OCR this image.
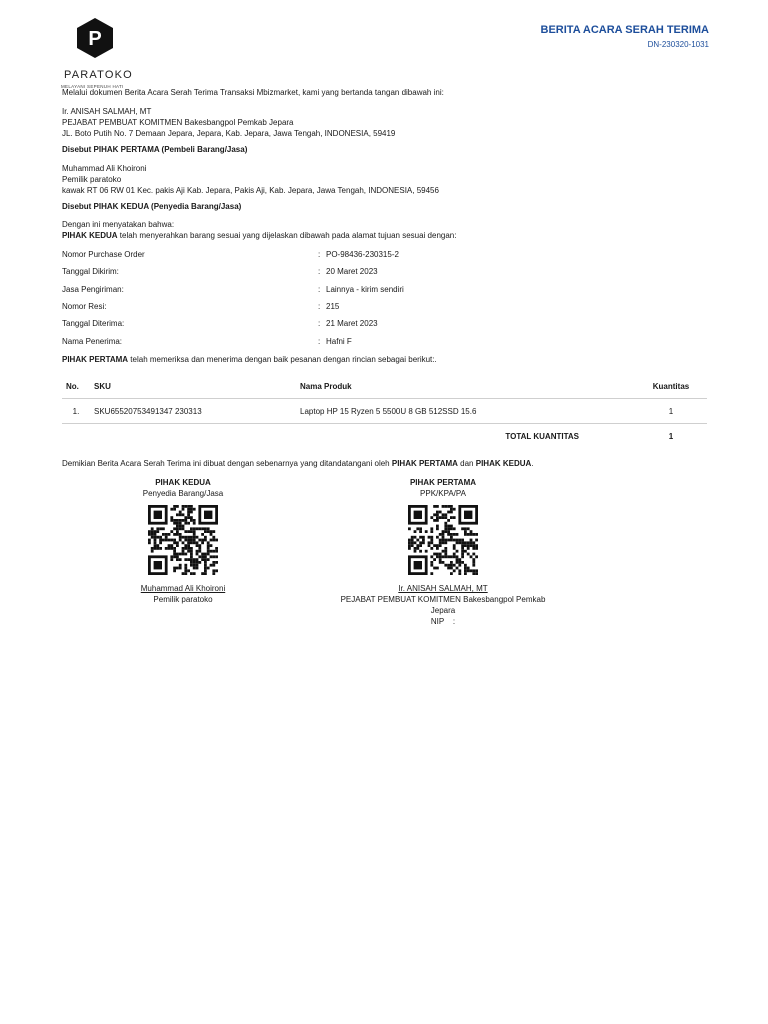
P
PARATOKO
MELAYANI SEPENUH HATI
BERITA ACARA SERAH TERIMA
DN-230320-1031
Melalui dokumen Berita Acara Serah Terima Transaksi Mbizmarket, kami yang bertanda tangan dibawah ini:
Ir. ANISAH SALMAH, MT
PEJABAT PEMBUAT KOMITMEN Bakesbangpol Pemkab Jepara
JL. Boto Putih No. 7 Demaan Jepara, Jepara, Kab. Jepara, Jawa Tengah, INDONESIA, 59419
Disebut PIHAK PERTAMA (Pembeli Barang/Jasa)
Muhammad Ali Khoironi
Pemilik paratoko
kawak RT 06 RW 01 Kec. pakis Aji Kab. Jepara, Pakis Aji, Kab. Jepara, Jawa Tengah, INDONESIA, 59456
Disebut PIHAK KEDUA (Penyedia Barang/Jasa)
Dengan ini menyatakan bahwa:
PIHAK KEDUA telah menyerahkan barang sesuai yang dijelaskan dibawah pada alamat tujuan sesuai dengan:
Nomor Purchase Order	: PO-98436-230315-2
Tanggal Dikirim:	: 20 Maret 2023
Jasa Pengiriman:	: Lainnya - kirim sendiri
Nomor Resi:	: 215
Tanggal Diterima:	: 21 Maret 2023
Nama Penerima:	: Hafni F
PIHAK PERTAMA telah memeriksa dan menerima dengan baik pesanan dengan rincian sebagai berikut:.
No.	SKU	Nama Produk	Kuantitas
1.	SKU65520753491347 230313	Laptop HP 15 Ryzen 5 5500U 8 GB 512SSD 15.6	1
TOTAL KUANTITAS			1
Demikian Berita Acara Serah Terima ini dibuat dengan sebenarnya yang ditandatangani oleh PIHAK PERTAMA dan PIHAK KEDUA.
PIHAK KEDUA
Penyedia Barang/Jasa
Muhammad Ali Khoironi
Pemilik paratoko
PIHAK PERTAMA
PPK/KPA/PA
Ir. ANISAH SALMAH, MT
PEJABAT PEMBUAT KOMITMEN Bakesbangpol Pemkab
Jepara
NIP    :
